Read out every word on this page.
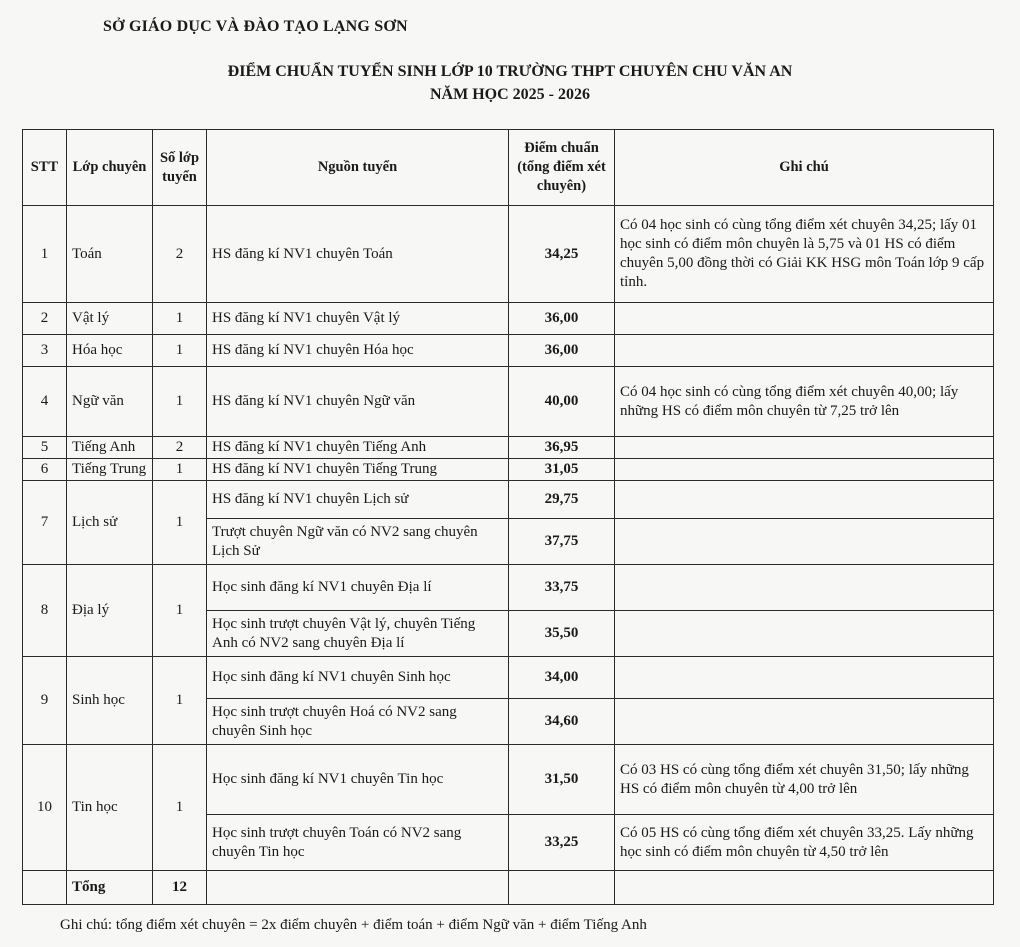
SỞ GIÁO DỤC VÀ ĐÀO TẠO LẠNG SƠN
ĐIỂM CHUẨN TUYỂN SINH LỚP 10 TRƯỜNG THPT CHUYÊN CHU VĂN AN
NĂM HỌC 2025 - 2026
STT	Lớp chuyên	Số lớp tuyển	Nguồn tuyển	Điểm chuẩn (tổng điểm xét chuyên)	Ghi chú
1	Toán	2	HS đăng kí NV1 chuyên Toán	34,25	Có 04 học sinh có cùng tổng điểm xét chuyên 34,25; lấy 01 học sinh có điểm môn chuyên là 5,75 và 01 HS có điểm chuyên 5,00 đồng thời có Giải KK HSG môn Toán lớp 9 cấp tỉnh.
2	Vật lý	1	HS đăng kí NV1 chuyên Vật lý	36,00	
3	Hóa học	1	HS đăng kí NV1 chuyên Hóa học	36,00	
4	Ngữ văn	1	HS đăng kí NV1 chuyên Ngữ văn	40,00	Có 04 học sinh có cùng tổng điểm xét chuyên 40,00; lấy những HS có điểm môn chuyên từ 7,25 trở lên
5	Tiếng Anh	2	HS đăng kí NV1 chuyên Tiếng Anh	36,95	
6	Tiếng Trung	1	HS đăng kí NV1 chuyên Tiếng Trung	31,05	
7	Lịch sử	1	HS đăng kí NV1 chuyên Lịch sử	29,75	
			Trượt chuyên Ngữ văn có NV2 sang chuyên Lịch Sử	37,75	
8	Địa lý	1	Học sinh đăng kí NV1 chuyên Địa lí	33,75	
			Học sinh trượt chuyên Vật lý, chuyên Tiếng Anh có NV2 sang chuyên Địa lí	35,50	
9	Sinh học	1	Học sinh đăng kí NV1 chuyên Sinh học	34,00	
			Học sinh trượt chuyên Hoá có NV2 sang chuyên Sinh học	34,60	
10	Tin học	1	Học sinh đăng kí NV1 chuyên Tin học	31,50	Có 03 HS có cùng tổng điểm xét chuyên 31,50; lấy những HS có điểm môn chuyên từ 4,00 trở lên
			Học sinh trượt chuyên Toán có NV2 sang chuyên Tin học	33,25	Có 05 HS có cùng tổng điểm xét chuyên 33,25. Lấy những học sinh có điểm môn chuyên từ 4,50 trở lên
	Tổng	12			
Ghi chú: tổng điểm xét chuyên = 2x điểm chuyên + điểm toán + điểm Ngữ văn + điểm Tiếng Anh
